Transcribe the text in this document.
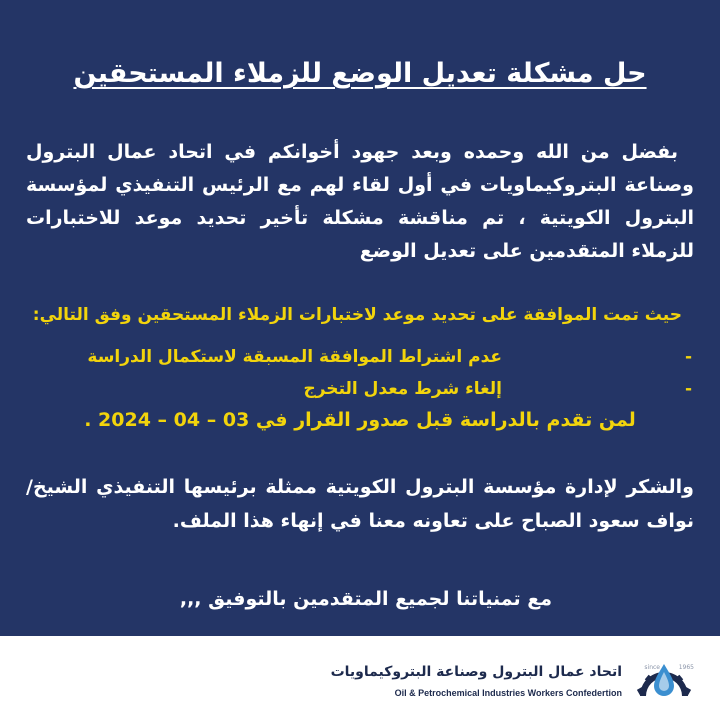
حل مشكلة تعديل الوضع للزملاء المستحقين

بفضل من الله وحمده وبعد جهود أخوانكم في اتحاد عمال البترول وصناعة البتروكيماويات في أول لقاء لهم مع الرئيس التنفيذي لمؤسسة البترول الكويتية ، تم مناقشة مشكلة تأخير تحديد موعد للاختبارات للزملاء المتقدمين على تعديل الوضع

حيث تمت الموافقة على تحديد موعد لاختبارات الزملاء المستحقين وفق التالي:

-عدم اشتراط الموافقة المسبقة لاستكمال الدراسة

-إلغاء شرط معدل التخرج

لمن تقدم بالدراسة قبل صدور القرار في 03 – 04 – 2024 .

والشكر لإدارة مؤسسة البترول الكويتية ممثلة برئيسها التنفيذي الشيخ/نواف سعود الصباح على تعاونه معنا في إنهاء هذا الملف.

مع تمنياتنا لجميع المتقدمين بالتوفيق ,,,

since	1965

اتحاد عمال البترول وصناعة البتروكيماويات

Oil & Petrochemical Industries Workers Confedertion
